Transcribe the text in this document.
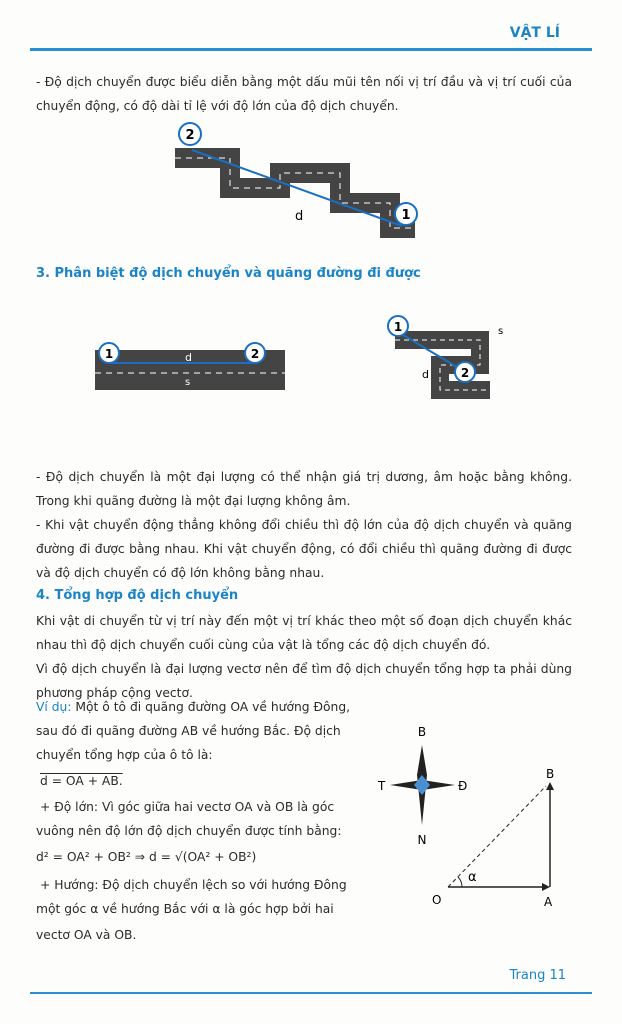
VẬT LÍ
- Độ dịch chuyển được biểu diễn bằng một dấu mũi tên nối vị trí đầu và vị trí cuối của chuyển động, có độ dài tỉ lệ với độ lớn của độ dịch chuyển.
2
1
d
3. Phân biệt độ dịch chuyển và quãng đường đi được
1	2
d
s
1
2
d
s
- Độ dịch chuyển là một đại lượng có thể nhận giá trị dương, âm hoặc bằng không. Trong khi quãng đường là một đại lượng không âm.
- Khi vật chuyển động thẳng không đổi chiều thì độ lớn của độ dịch chuyển và quãng đường đi được bằng nhau. Khi vật chuyển động, có đổi chiều thì quãng đường đi được và độ dịch chuyển có độ lớn không bằng nhau.
4. Tổng hợp độ dịch chuyển
Khi vật di chuyển từ vị trí này đến một vị trí khác theo một số đoạn dịch chuyển khác nhau thì độ dịch chuyển cuối cùng của vật là tổng các độ dịch chuyển đó.
Vì độ dịch chuyển là đại lượng vectơ nên để tìm độ dịch chuyển tổng hợp ta phải dùng phương pháp cộng vectơ.
Ví dụ: Một ô tô đi quãng đường OA về hướng Đông,
sau đó đi quãng đường AB về hướng Bắc. Độ dịch
chuyển tổng hợp của ô tô là:
d = OA + AB.
+ Độ lớn: Vì góc giữa hai vectơ OA và OB là góc
vuông nên độ lớn độ dịch chuyển được tính bằng:
d² = OA² + OB² ⇒ d = √(OA² + OB²)
+ Hướng: Độ dịch chuyển lệch so với hướng Đông
một góc α về hướng Bắc với α là góc hợp bởi hai
vectơ OA và OB.
B
N
T	Đ
α
O	A
B
Trang 11
